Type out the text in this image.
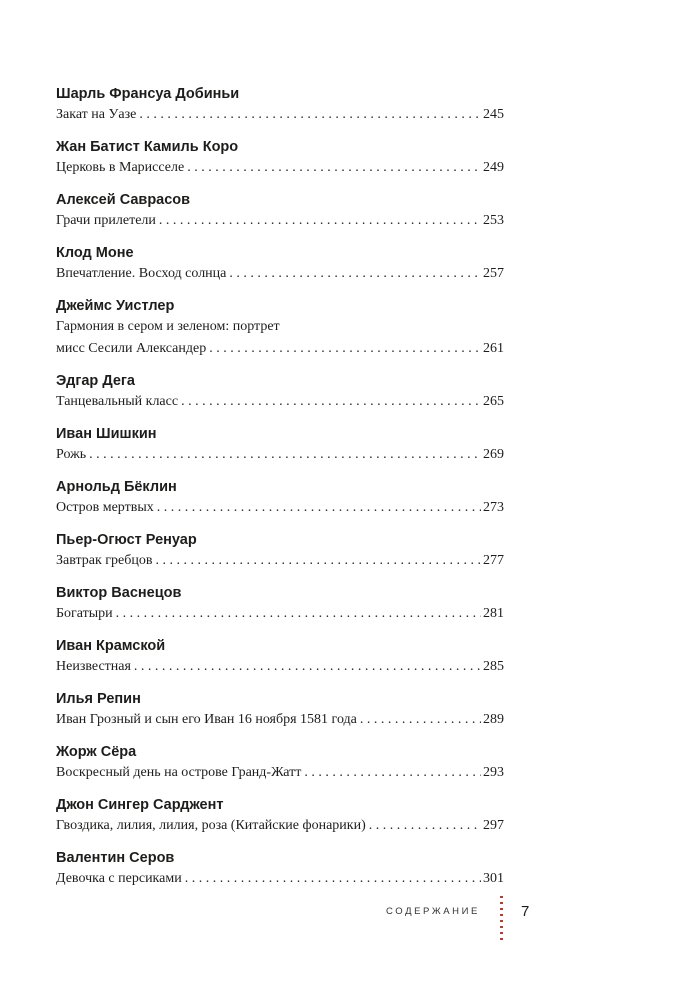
Шарль Франсуа Добиньи
Закат на Уазе . . .	245
Жан Батист Камиль Коро
Церковь в Марисселе . . .	249
Алексей Саврасов
Грачи прилетели . . .	253
Клод Моне
Впечатление. Восход солнца . . .	257
Джеймс Уистлер
Гармония в сером и зеленом: портрет
мисс Сесили Александер . . .	261
Эдгар Дега
Танцевальный класс . . .	265
Иван Шишкин
Рожь . . .	269
Арнольд Бёклин
Остров мертвых . . .	273
Пьер-Огюст Ренуар
Завтрак гребцов . . .	277
Виктор Васнецов
Богатыри . . .	281
Иван Крамской
Неизвестная . . .	285
Илья Репин
Иван Грозный и сын его Иван 16 ноября 1581 года . . .	289
Жорж Сёра
Воскресный день на острове Гранд-Жатт . . .	293
Джон Сингер Сарджент
Гвоздика, лилия, лилия, роза (Китайские фонарики) . . .	297
Валентин Серов
Девочка с персиками . . .	301
СОДЕРЖАНИЕ	7
